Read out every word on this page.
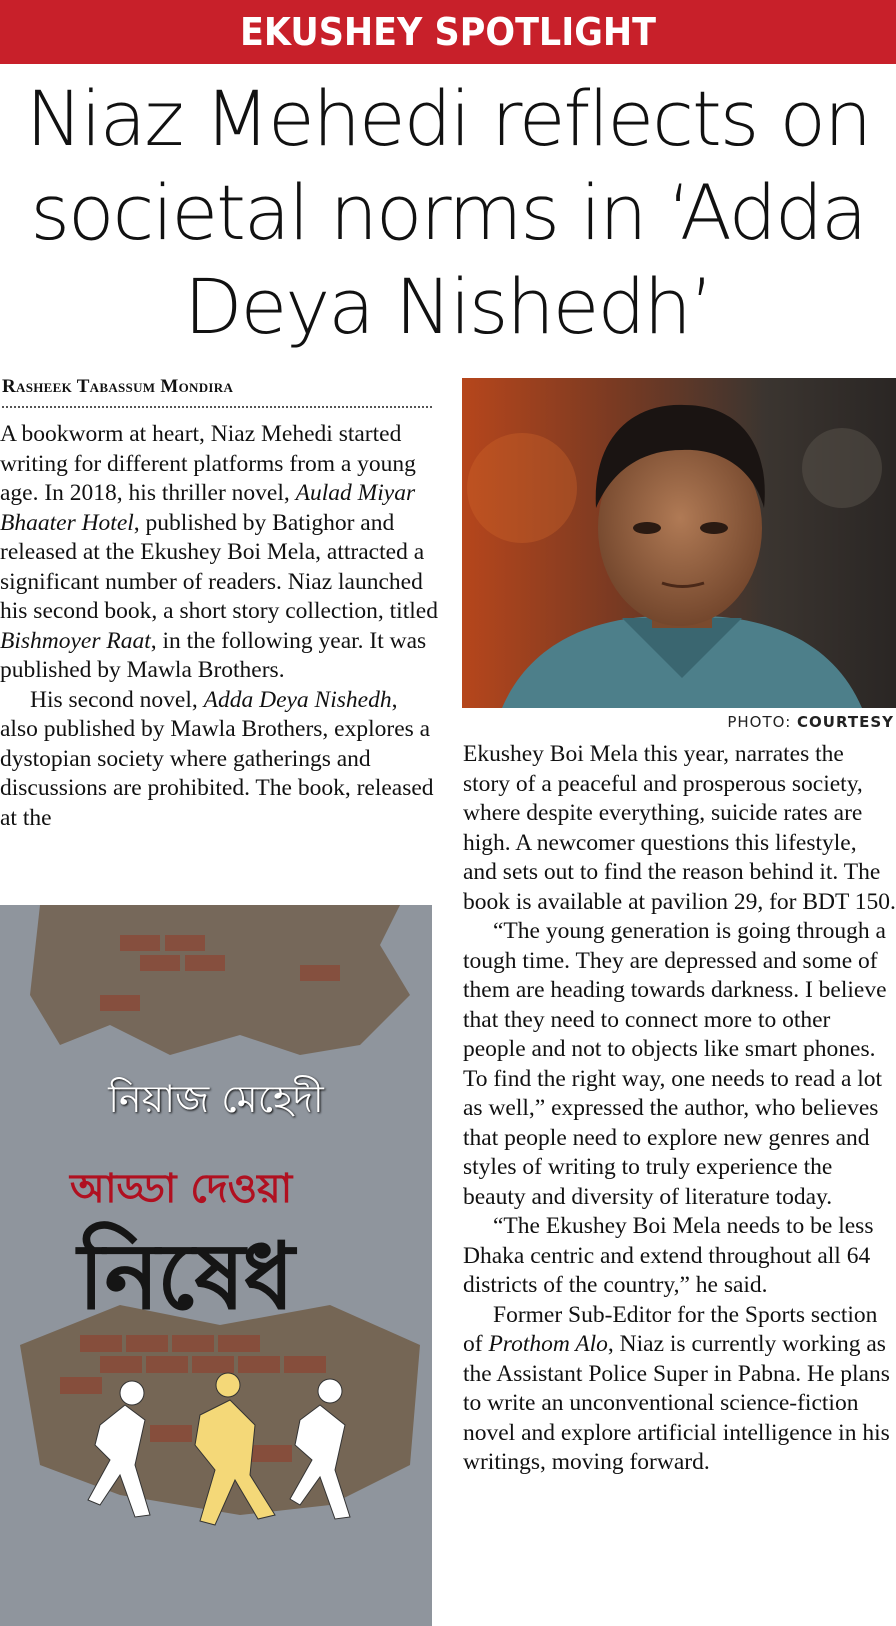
EKUSHEY SPOTLIGHT
Niaz Mehedi reflects on
societal norms in ‘Adda
Deya Nishedh’
Rasheek Tabassum Mondira

A bookworm at heart, Niaz Mehedi started writing for different platforms from a young age. In 2018, his thriller novel, Aulad Miyar Bhaater Hotel, published by Batighor and released at the Ekushey Boi Mela, attracted a significant number of readers. Niaz launched his second book, a short story collection, titled Bishmoyer Raat, in the following year. It was published by Mawla Brothers.

His second novel, Adda Deya Nishedh, also published by Mawla Brothers, explores a dystopian society where gatherings and discussions are prohibited. The book, released at the

PHOTO: COURTESY

Ekushey Boi Mela this year, narrates the story of a peaceful and prosperous society, where despite everything, suicide rates are high. A newcomer questions this lifestyle, and sets out to find the reason behind it. The book is available at pavilion 29, for BDT 150.

“The young generation is going through a tough time. They are depressed and some of them are heading towards darkness. I believe that they need to connect more to other people and not to objects like smart phones. To find the right way, one needs to read a lot as well,” expressed the author, who believes that people need to explore new genres and styles of writing to truly experience the beauty and diversity of literature today.

“The Ekushey Boi Mela needs to be less Dhaka centric and extend throughout all 64 districts of the country,” he said.

Former Sub-Editor for the Sports section of Prothom Alo, Niaz is currently working as the Assistant Police Super in Pabna. He plans to write an unconventional science-fiction novel and explore artificial intelligence in his writings, moving forward.

নিয়াজ মেহেদী
আড্ডা দেওয়া
নিষেধ
